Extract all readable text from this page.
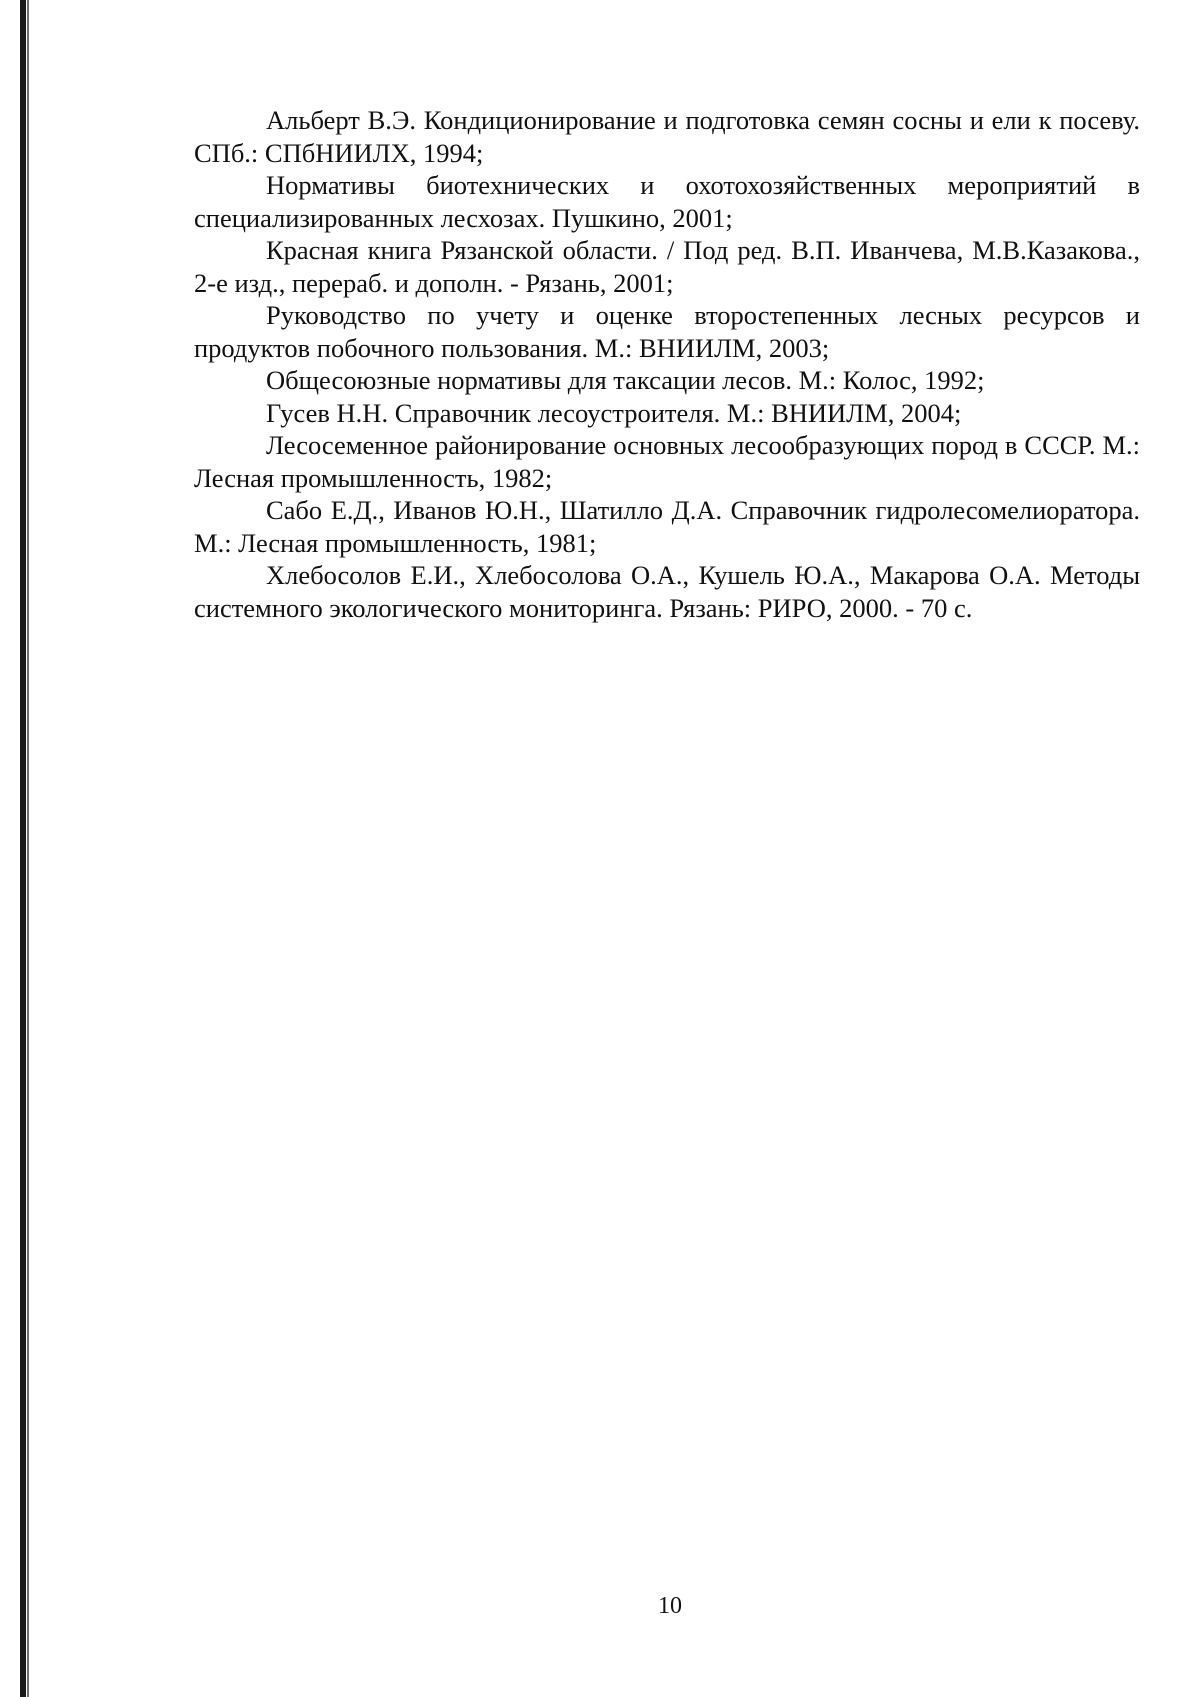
Альберт В.Э. Кондиционирование и подготовка семян сосны и ели к посеву. СПб.: СПбНИИЛХ, 1994;
Нормативы биотехнических и охотохозяйственных мероприятий в специализированных лесхозах. Пушкино, 2001;
Красная книга Рязанской области. / Под ред. В.П. Иванчева, М.В.Казакова., 2-е изд., перераб. и дополн. - Рязань, 2001;
Руководство по учету и оценке второстепенных лесных ресурсов и продуктов побочного пользования. М.: ВНИИЛМ, 2003;
Общесоюзные нормативы для таксации лесов. М.: Колос, 1992;
Гусев Н.Н. Справочник лесоустроителя. М.: ВНИИЛМ, 2004;
Лесосеменное районирование основных лесообразующих пород в СССР. М.: Лесная промышленность, 1982;
Сабо Е.Д., Иванов Ю.Н., Шатилло Д.А. Справочник гидролесомелиоратора. М.: Лесная промышленность, 1981;
Хлебосолов Е.И., Хлебосолова О.А., Кушель Ю.А., Макарова О.А. Методы системного экологического мониторинга. Рязань: РИРО, 2000. - 70 с.
10
